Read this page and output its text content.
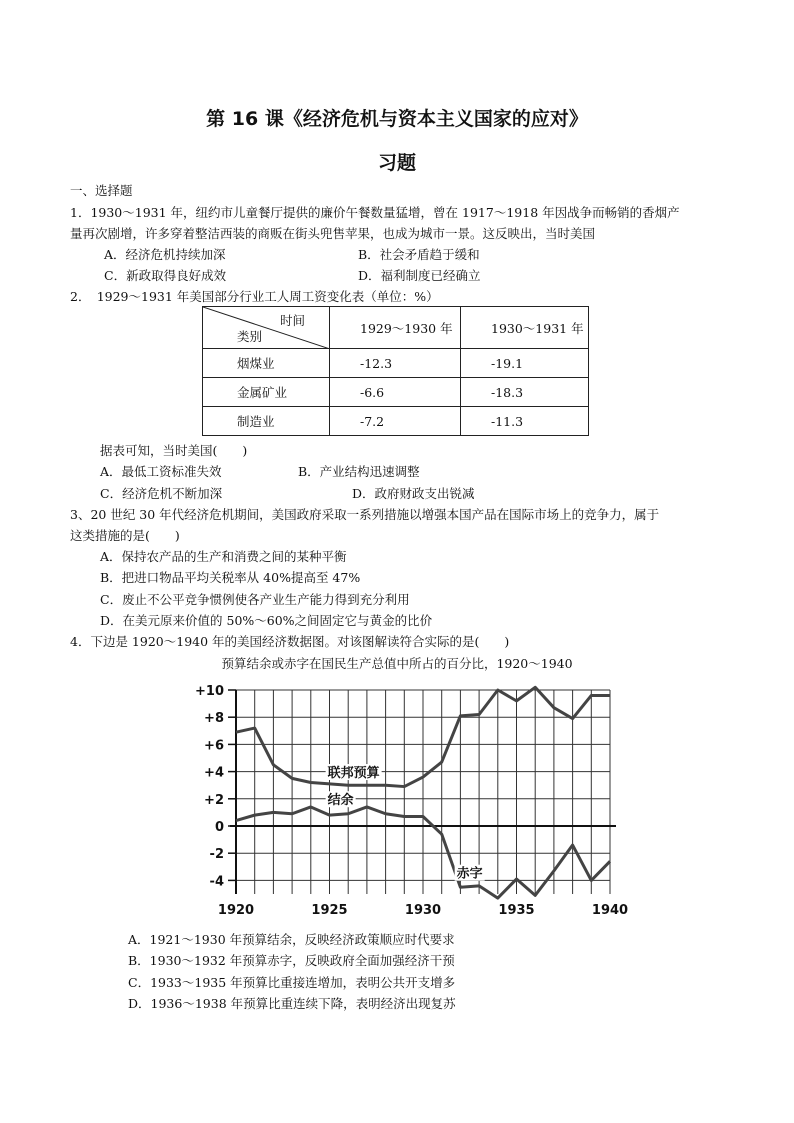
第 16 课《经济危机与资本主义国家的应对》
习题
一、选择题
1．1930～1931 年，纽约市儿童餐厅提供的廉价午餐数量猛增，曾在 1917～1918 年因战争而畅销的香烟产
量再次剧增，许多穿着整洁西装的商贩在街头兜售苹果，也成为城市一景。这反映出，当时美国
A．经济危机持续加深	B．社会矛盾趋于缓和
C．新政取得良好成效	D．福利制度已经确立
2．　1929～1931 年美国部分行业工人周工资变化表（单位：%）
时间
类别	1929～1930 年	1930～1931 年
烟煤业	-12.3	-19.1
金属矿业	-6.6	-18.3
制造业	-7.2	-11.3
据表可知，当时美国(　　)
A．最低工资标准失效	B．产业结构迅速调整
C．经济危机不断加深	D．政府财政支出锐减
3、20 世纪 30 年代经济危机期间，美国政府采取一系列措施以增强本国产品在国际市场上的竞争力，属于
这类措施的是(　　)
A．保持农产品的生产和消费之间的某种平衡
B．把进口物品平均关税率从 40%提高至 47%
C．废止不公平竞争惯例使各产业生产能力得到充分利用
D．在美元原来价值的 50%～60%之间固定它与黄金的比价
4．下边是 1920～1940 年的美国经济数据图。对该图解读符合实际的是(　　)
预算结余或赤字在国民生产总值中所占的百分比，1920～1940
+10
+8
+6
+4
+2
0
-2
-4
1920	1925	1930	1935	1940
联邦预算
结余
赤字
A．1921～1930 年预算结余，反映经济政策顺应时代要求
B．1930～1932 年预算赤字，反映政府全面加强经济干预
C．1933～1935 年预算比重接连增加，表明公共开支增多
D．1936～1938 年预算比重连续下降，表明经济出现复苏
